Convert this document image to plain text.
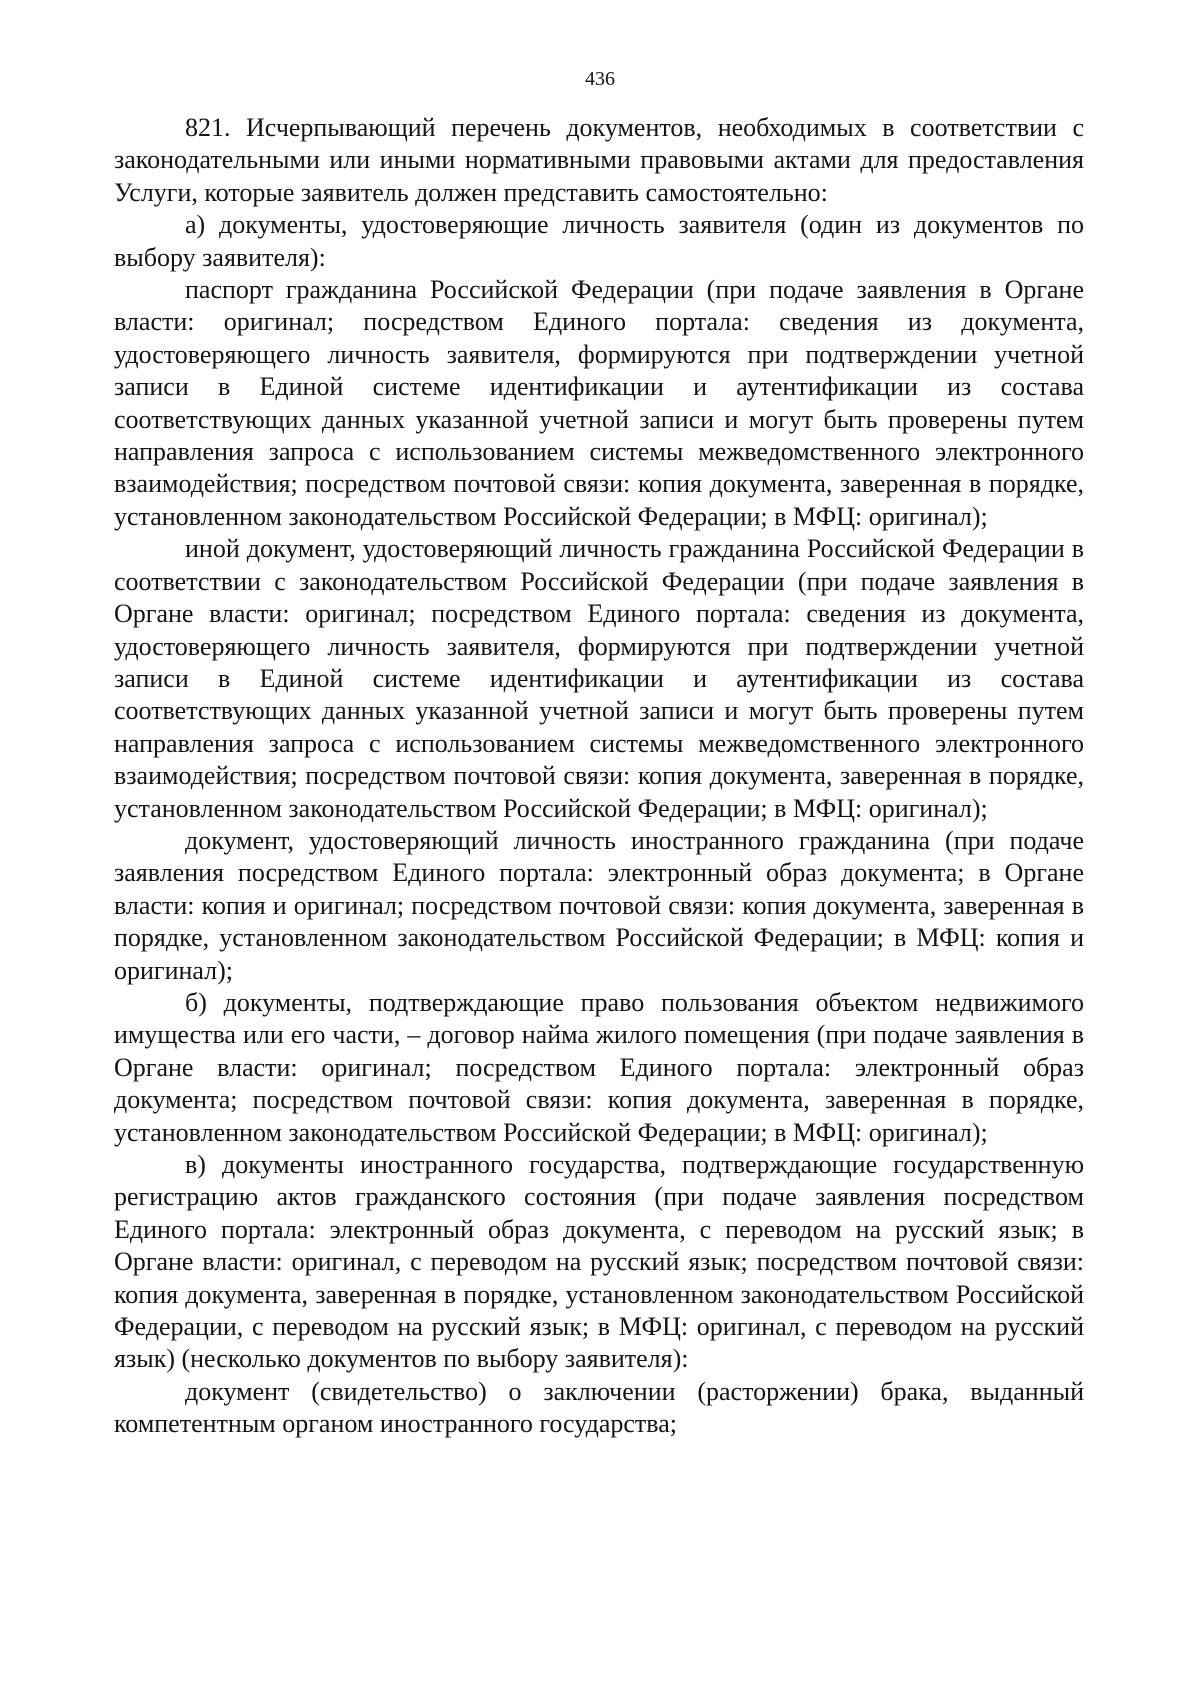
436

821. Исчерпывающий перечень документов, необходимых в соответствии с законодательными или иными нормативными правовыми актами для предоставления Услуги, которые заявитель должен представить самостоятельно:

а) документы, удостоверяющие личность заявителя (один из документов по выбору заявителя):

паспорт гражданина Российской Федерации (при подаче заявления в Органе власти: оригинал; посредством Единого портала: сведения из документа, удостоверяющего личность заявителя, формируются при подтверждении учетной записи в Единой системе идентификации и аутентификации из состава соответствующих данных указанной учетной записи и могут быть проверены путем направления запроса с использованием системы межведомственного электронного взаимодействия; посредством почтовой связи: копия документа, заверенная в порядке, установленном законодательством Российской Федерации; в МФЦ: оригинал);

иной документ, удостоверяющий личность гражданина Российской Федерации в соответствии с законодательством Российской Федерации (при подаче заявления в Органе власти: оригинал; посредством Единого портала: сведения из документа, удостоверяющего личность заявителя, формируются при подтверждении учетной записи в Единой системе идентификации и аутентификации из состава соответствующих данных указанной учетной записи и могут быть проверены путем направления запроса с использованием системы межведомственного электронного взаимодействия; посредством почтовой связи: копия документа, заверенная в порядке, установленном законодательством Российской Федерации; в МФЦ: оригинал);

документ, удостоверяющий личность иностранного гражданина (при подаче заявления посредством Единого портала: электронный образ документа; в Органе власти: копия и оригинал; посредством почтовой связи: копия документа, заверенная в порядке, установленном законодательством Российской Федерации; в МФЦ: копия и оригинал);

б) документы, подтверждающие право пользования объектом недвижимого имущества или его части, – договор найма жилого помещения (при подаче заявления в Органе власти: оригинал; посредством Единого портала: электронный образ документа; посредством почтовой связи: копия документа, заверенная в порядке, установленном законодательством Российской Федерации; в МФЦ: оригинал);

в) документы иностранного государства, подтверждающие государственную регистрацию актов гражданского состояния (при подаче заявления посредством Единого портала: электронный образ документа, с переводом на русский язык; в Органе власти: оригинал, с переводом на русский язык; посредством почтовой связи: копия документа, заверенная в порядке, установленном законодательством Российской Федерации, с переводом на русский язык; в МФЦ: оригинал, с переводом на русский язык) (несколько документов по выбору заявителя):

документ (свидетельство) о заключении (расторжении) брака, выданный компетентным органом иностранного государства;
